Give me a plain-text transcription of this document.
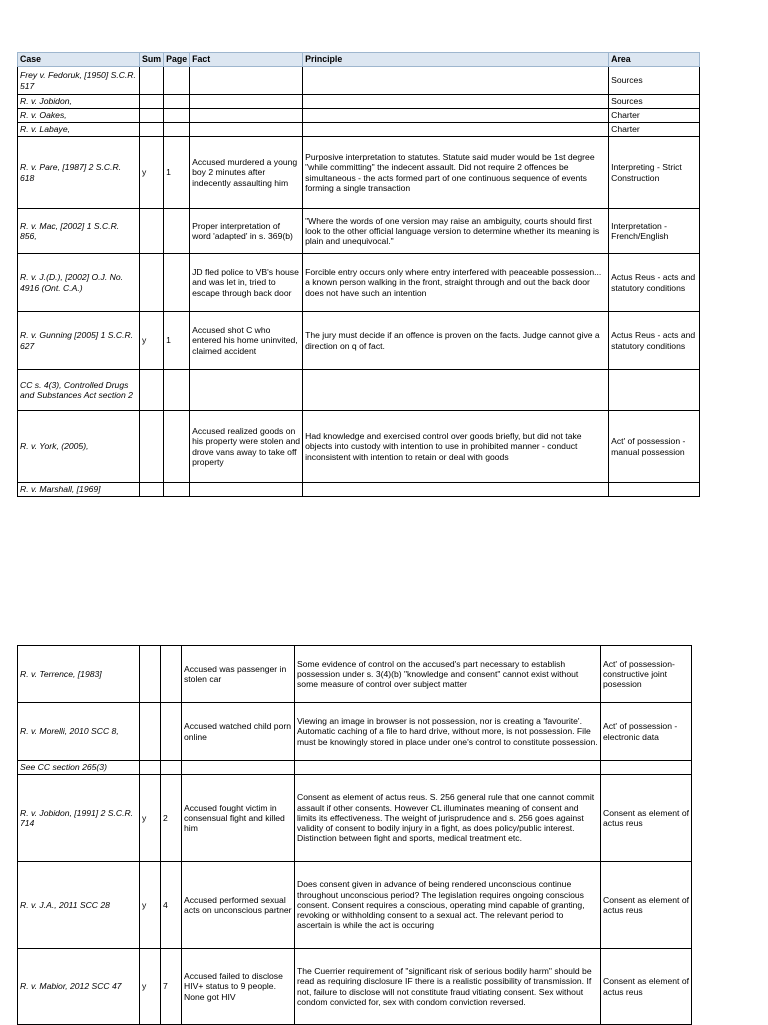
Case	Sum	Page	Fact	Principle	Area
Frey v. Fedoruk, [1950] S.C.R. 517					Sources
R. v. Jobidon,					Sources
R. v. Oakes,					Charter
R. v. Labaye,					Charter
R. v. Pare, [1987] 2 S.C.R. 618	y	1	Accused murdered a young boy 2 minutes after indecently assaulting him	Purposive interpretation to statutes. Statute said muder would be 1st degree "while committing" the indecent assault. Did not require 2 offences be simultaneous - the acts formed part of one continuous sequence of events forming a single transaction	Interpreting - Strict Construction
R. v. Mac, [2002] 1 S.C.R. 856,			Proper interpretation of word 'adapted' in s. 369(b)	"Where the words of one version may raise an ambiguity, courts should first look to the other official language version to determine whether its meaning is plain and unequivocal."	Interpretation - French/English
R. v. J.(D.), [2002] O.J. No. 4916 (Ont. C.A.)			JD fled police to VB's house and was let in, tried to escape through back door	Forcible entry occurs only where entry interfered with peaceable possession... a known person walking in the front, straight through and out the back door does not have such an intention	Actus Reus - acts and statutory conditions
R. v. Gunning [2005] 1 S.C.R. 627	y	1	Accused shot C who entered his home uninvited, claimed accident	The jury must decide if an offence is proven on the facts. Judge cannot give a direction on q of fact.	Actus Reus - acts and statutory conditions
CC s. 4(3), Controlled Drugs and Substances Act section 2					
R. v. York, (2005),			Accused realized goods on his property were stolen and drove vans away to take off property	Had knowledge and exercised control over goods briefly, but did not take objects into custody with intention to use in prohibited manner - conduct inconsistent with intention to retain or deal with goods	Act' of possession - manual possession
R. v. Marshall, [1969]					
R. v. Terrence, [1983]			Accused was passenger in stolen car	Some evidence of control on the accused's part necessary to establish possession under s. 3(4)(b) "knowledge and consent" cannot exist without some measure of control over subject matter	Act' of possession- constructive joint posession
R. v. Morelli, 2010 SCC 8,			Accused watched child porn online	Viewing an image in browser is not possession, nor is creating a 'favourite'. Automatic caching of a file to hard drive, without more, is not possession. File must be knowingly stored in place under one's control to constitute possession.	Act' of possession - electronic data
See CC section 265(3)					
R. v. Jobidon, [1991] 2 S.C.R. 714	y	2	Accused fought victim in consensual fight and killed him	Consent as element of actus reus. S. 256 general rule that one cannot commit assault if other consents. However CL illuminates meaning of consent and limits its effectiveness. The weight of jurisprudence and s. 256 goes against validity of consent to bodily injury in a fight, as does policy/public interest. Distinction between fight and sports, medical treatment etc.	Consent as element of actus reus
R. v. J.A., 2011 SCC 28	y	4	Accused performed sexual acts on unconscious partner	Does consent given in advance of being rendered unconscious continue throughout unconscious period? The legislation requires ongoing conscious consent. Consent requires a conscious, operating mind capable of granting, revoking or withholding consent to a sexual act. The relevant period to ascertain is while the act is occuring	Consent as element of actus reus
R. v. Mabior, 2012 SCC 47	y	7	Accused failed to disclose HIV+ status to 9 people. None got HIV	The Cuerrier requirement of "significant risk of serious bodily harm" should be read as requiring disclosure IF there is a realistic possibility of transmission. If not, failure to disclose will not constitute fraud vitiating consent. Sex without condom convicted for, sex with condom conviction reversed.	Consent as element of actus reus
